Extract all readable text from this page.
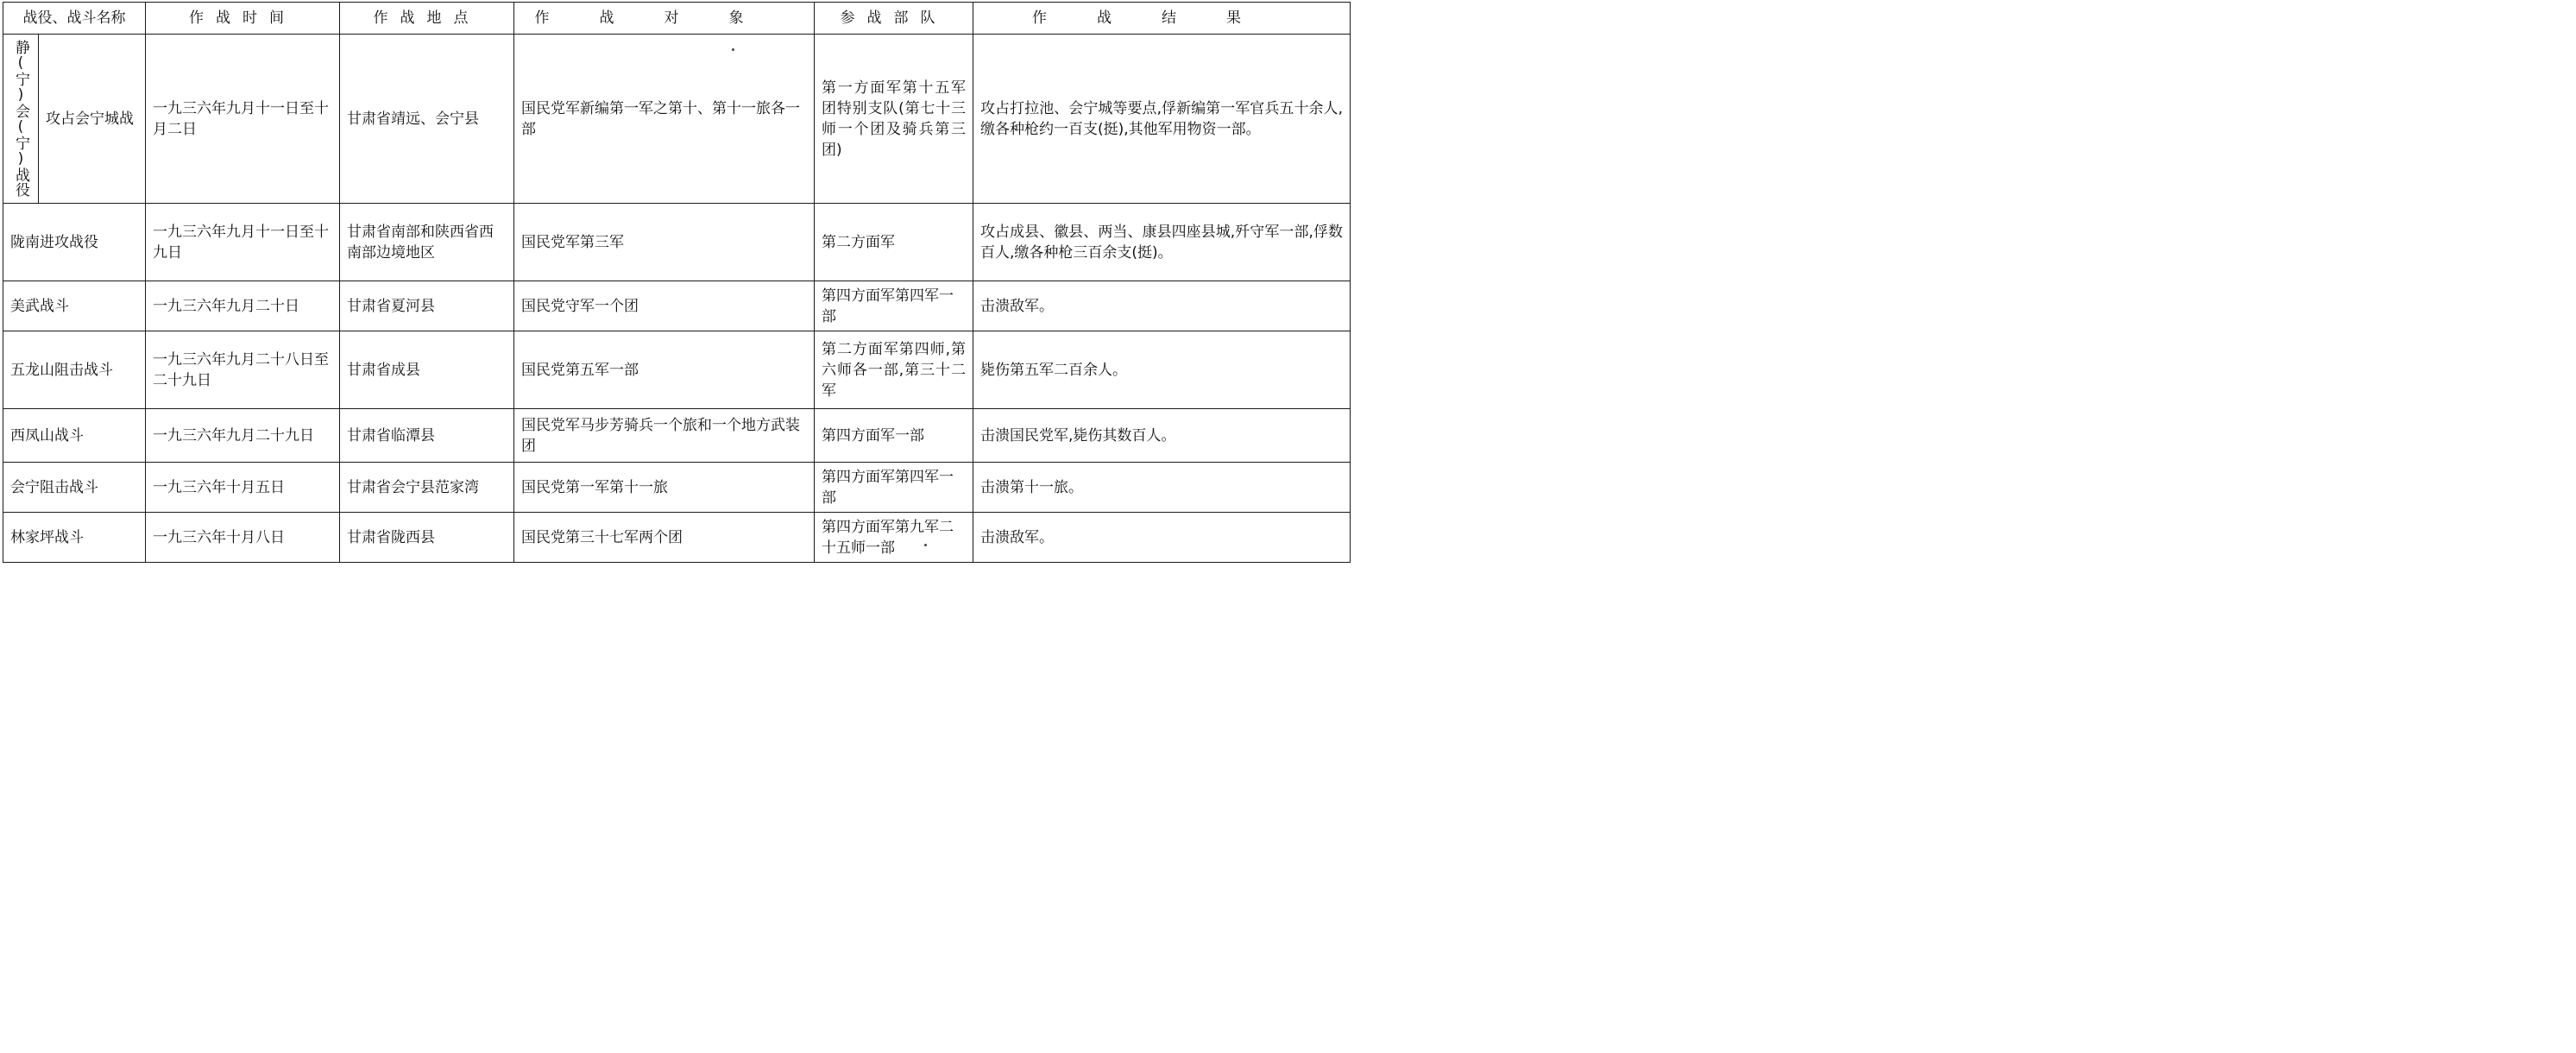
战役、战斗名称		作战时间	作战地点	作战对象	参战部队	作战结果
静(宁)会(宁)战役	攻占会宁城战	一九三六年九月十一日至十月二日	甘肃省靖远、会宁县	国民党军新编第一军之第十、第十一旅各一部	第一方面军第十五军团特别支队(第七十三师一个团及骑兵第三团)	攻占打拉池、会宁城等要点,俘新编第一军官兵五十余人,缴各种枪约一百支(挺),其他军用物资一部。
陇南进攻战役		一九三六年九月十一日至十九日	甘肃省南部和陕西省西南部边境地区	国民党军第三军	第二方面军	攻占成县、徽县、两当、康县四座县城,歼守军一部,俘数百人,缴各种枪三百余支(挺)。
美武战斗		一九三六年九月二十日	甘肃省夏河县	国民党守军一个团	第四方面军第四军一部	击溃敌军。
五龙山阻击战斗		一九三六年九月二十八日至二十九日	甘肃省成县	国民党第五军一部	第二方面军第四师,第六师各一部,第三十二军	毙伤第五军二百余人。
西凤山战斗		一九三六年九月二十九日	甘肃省临潭县	国民党军马步芳骑兵一个旅和一个地方武装团	第四方面军一部	击溃国民党军,毙伤其数百人。
会宁阻击战斗		一九三六年十月五日	甘肃省会宁县范家湾	国民党第一军第十一旅	第四方面军第四军一部	击溃第十一旅。
林家坪战斗		一九三六年十月八日	甘肃省陇西县	国民党第三十七军两个团	第四方面军第九军二十五师一部	击溃敌军。
